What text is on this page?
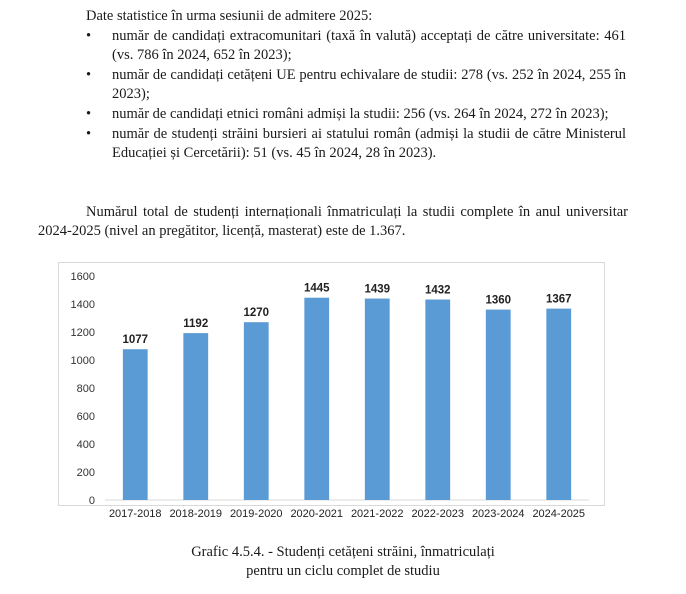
Date statistice în urma sesiunii de admitere 2025:
• număr de candidați extracomunitari (taxă în valută) acceptați de către universitate: 461 (vs. 786 în 2024, 652 în 2023);
• număr de candidați cetățeni UE pentru echivalare de studii: 278 (vs. 252 în 2024, 255 în 2023);
• număr de candidați etnici români admiși la studii: 256 (vs. 264 în 2024, 272 în 2023);
• număr de studenți străini bursieri ai statului român (admiși la studii de către Ministerul Educației și Cercetării): 51 (vs. 45 în 2024, 28 în 2023).

Numărul total de studenți internaționali înmatriculați la studii complete în anul universitar 2024-2025 (nivel an pregătitor, licență, masterat) este de 1.367.

0
200
400
600
800
1000
1200
1400
1600
1077
2017-2018
1192
2018-2019
1270
2019-2020
1445
2020-2021
1439
2021-2022
1432
2022-2023
1360
2023-2024
1367
2024-2025
Grafic 4.5.4. - Studenți cetățeni străini, înmatriculați
pentru un ciclu complet de studiu
